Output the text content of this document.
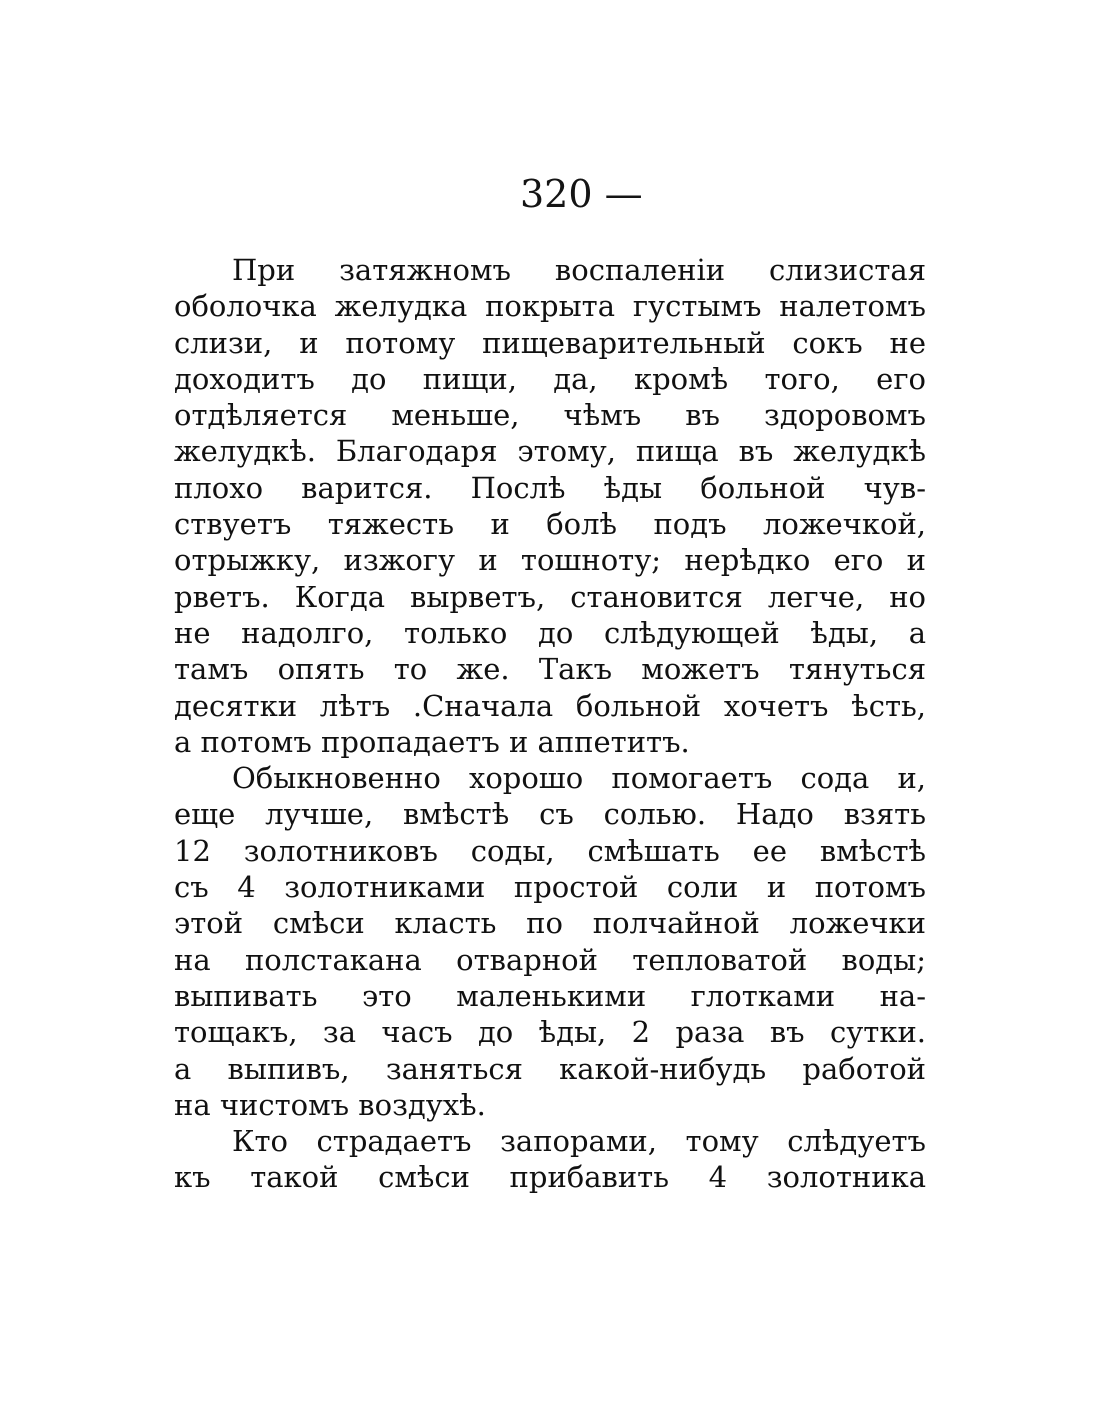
320 —

При затяжномъ воспаленіи слизистая
оболочка желудка покрыта густымъ налетомъ
слизи, и потому пищеварительный сокъ не
доходитъ до пищи, да, кромѣ того, его
отдѣляется меньше, чѣмъ въ здоровомъ
желудкѣ. Благодаря этому, пища въ желудкѣ
плохо варится. Послѣ ѣды больной чув-
ствуетъ тяжесть и болѣ подъ ложечкой,
отрыжку, изжогу и тошноту; нерѣдко его и
рветъ. Когда вырветъ, становится легче, но
не надолго, только до слѣдующей ѣды, а
тамъ опять то же. Такъ можетъ тянуться
десятки лѣтъ .Сначала больной хочетъ ѣсть,
а потомъ пропадаетъ и аппетитъ.
Обыкновенно хорошо помогаетъ сода и,
еще лучше, вмѣстѣ съ солью. Надо взять
12 золотниковъ соды, смѣшать ее вмѣстѣ
съ 4 золотниками простой соли и потомъ
этой смѣси класть по полчайной ложечки
на полстакана отварной тепловатой воды;
выпивать это маленькими глотками на-
тощакъ, за часъ до ѣды, 2 раза въ сутки.
а выпивъ, заняться какой-нибудь работой
на чистомъ воздухѣ.
Кто страдаетъ запорами, тому слѣдуетъ
къ такой смѣси прибавить 4 золотника
